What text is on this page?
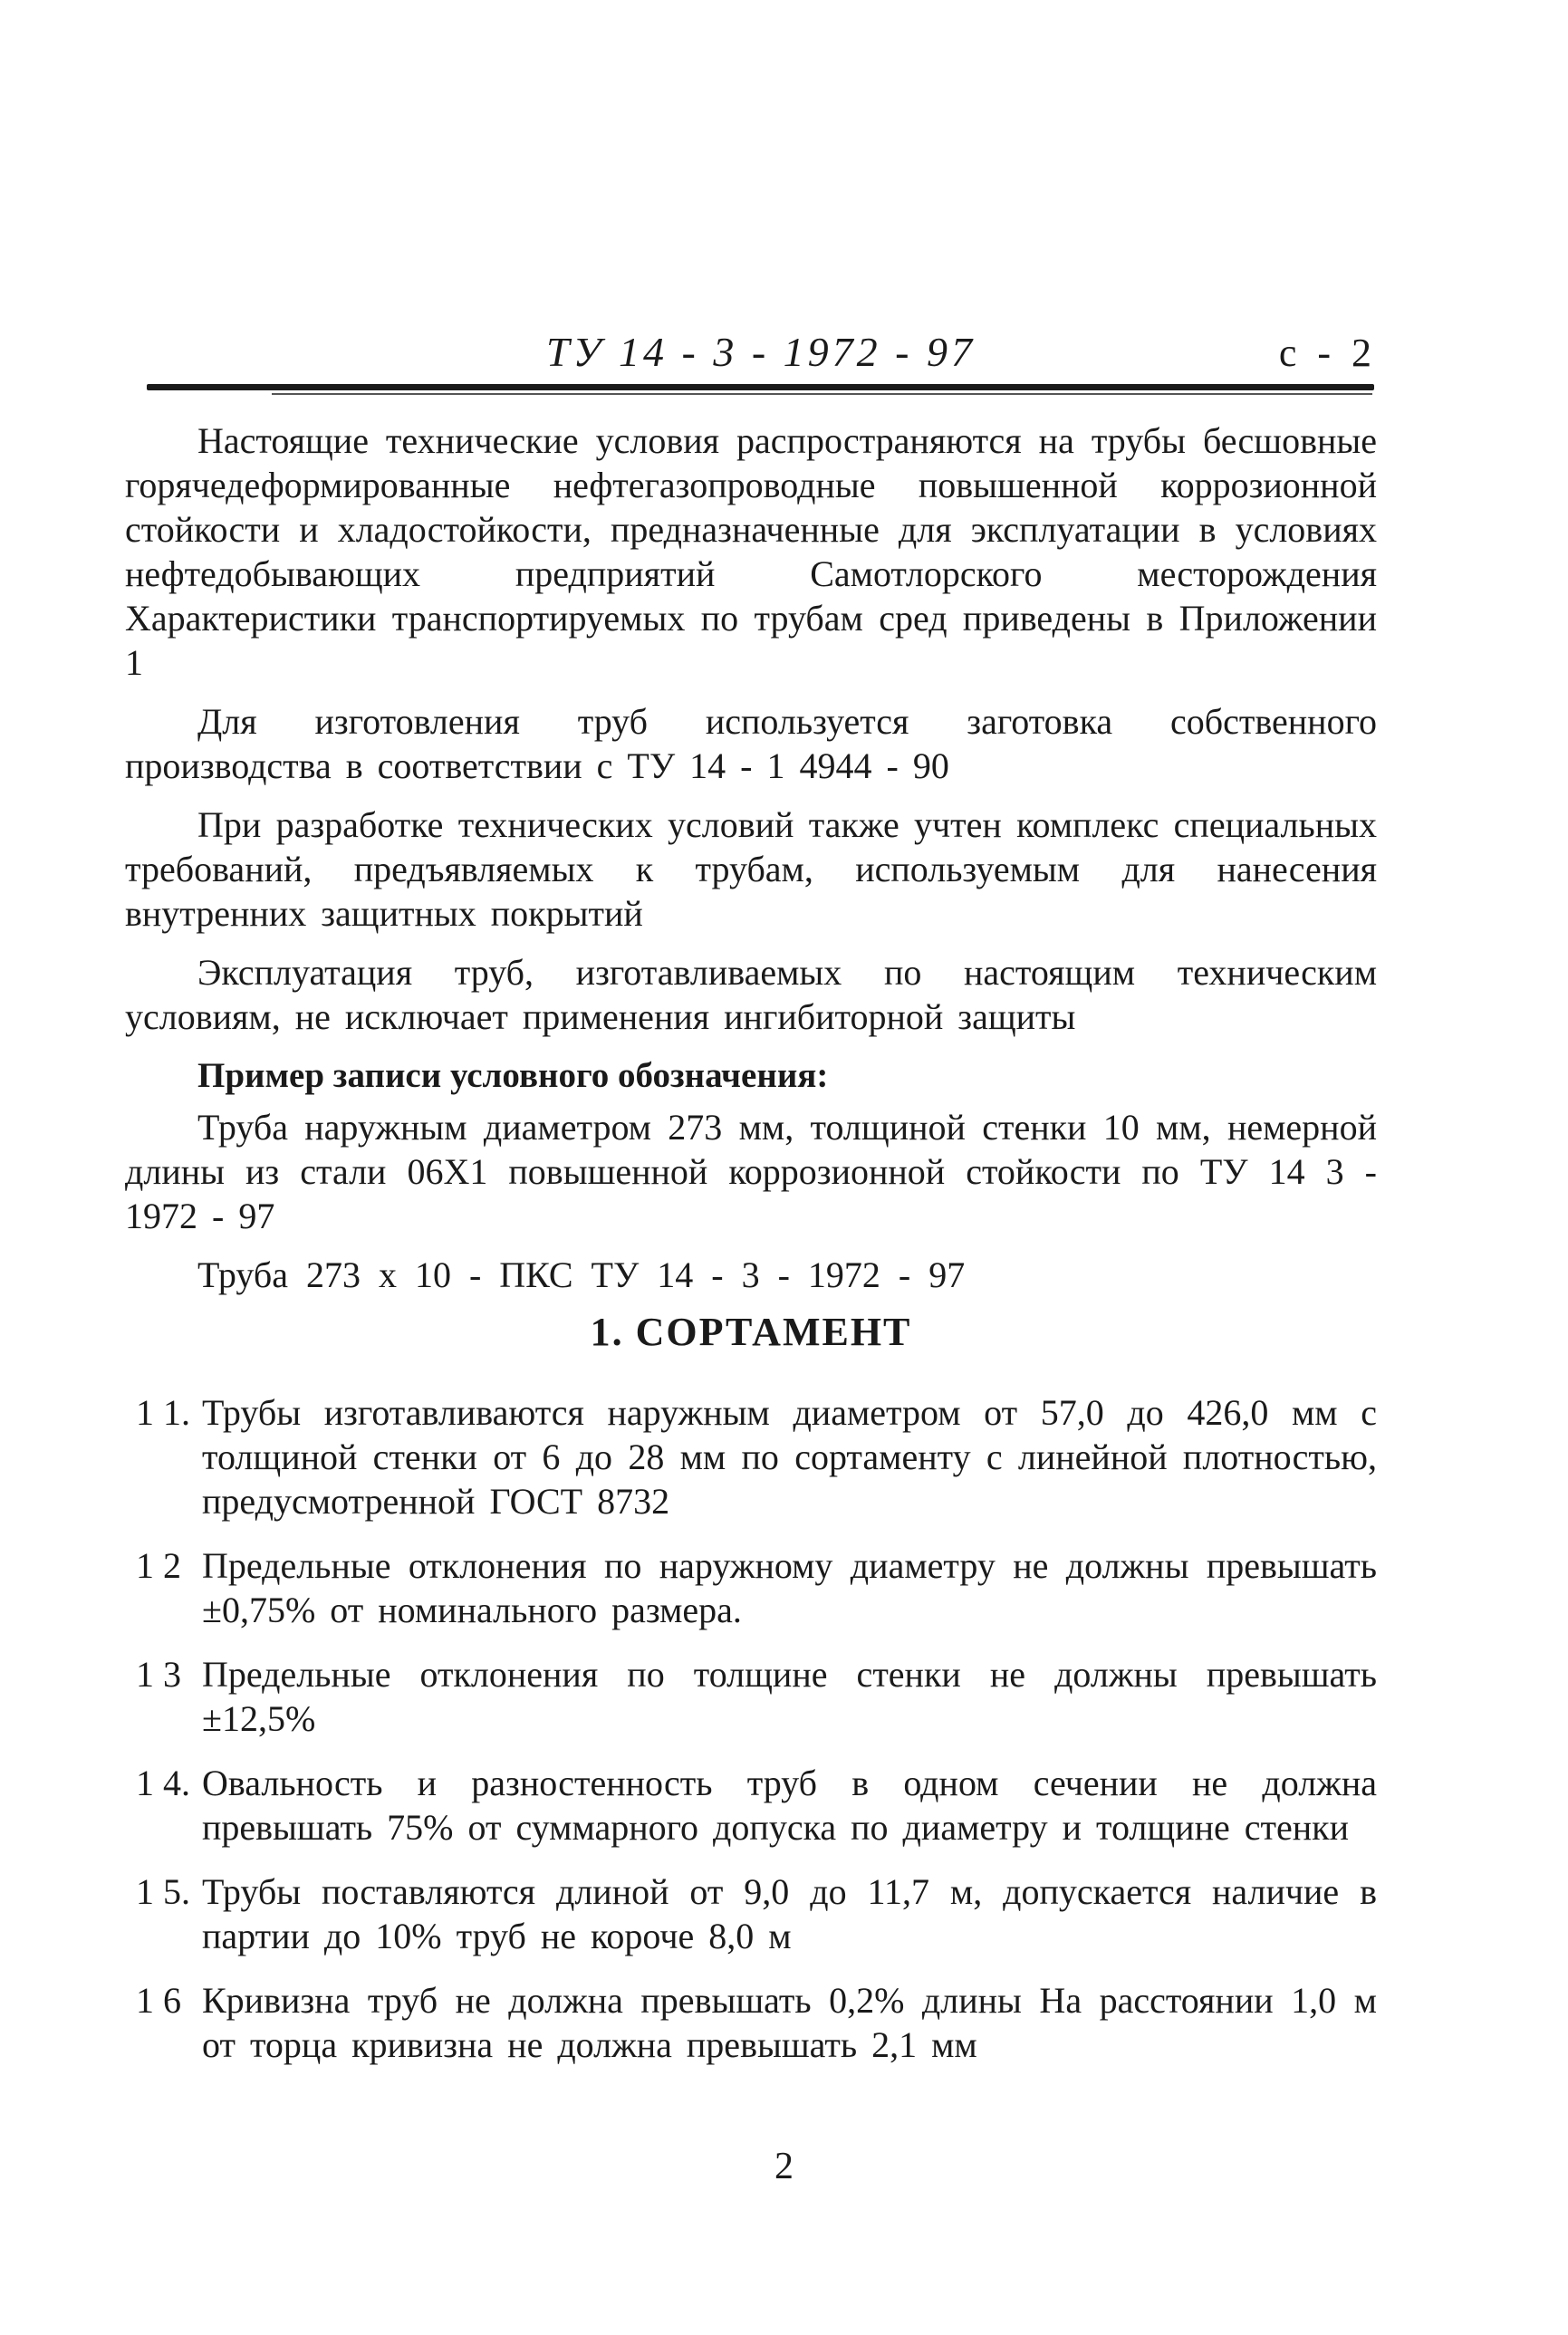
ТУ 14 - 3 - 1972 - 97	с - 2

Настоящие технические условия распространяются на трубы бесшовные горячедеформированные нефтегазопроводные повышенной коррозионной стойкости и хладостойкости, предназначенные для эксплуатации в условиях нефтедобывающих предприятий Самотлорского месторождения Характеристики транспортируемых по трубам сред приведены в Приложении 1

Для изготовления труб используется заготовка собственного производства в соответствии с ТУ 14 - 1 4944 - 90

При разработке технических условий также учтен комплекс специальных требований, предъявляемых к трубам, используемым для нанесения внутренних защитных покрытий

Эксплуатация труб, изготавливаемых по настоящим техническим условиям, не исключает применения ингибиторной защиты

Пример записи условного обозначения:

Труба наружным диаметром 273 мм, толщиной стенки 10 мм, немерной длины из стали 06Х1 повышенной коррозионной стойкости по ТУ 14 3 - 1972 - 97

Труба 273 х 10 - ПКС ТУ 14 - 3 - 1972 - 97
1. СОРТАМЕНТ
1 1. Трубы изготавливаются наружным диаметром от 57,0 до 426,0 мм с толщиной стенки от 6 до 28 мм по сортаменту с линейной плотностью, предусмотренной ГОСТ 8732
1 2 Предельные отклонения по наружному диаметру не должны превышать ±0,75% от номинального размера.
1 3 Предельные отклонения по толщине стенки не должны превышать ±12,5%
1 4. Овальность и разностенность труб в одном сечении не должна превышать 75% от суммарного допуска по диаметру и толщине стенки
1 5. Трубы поставляются длиной от 9,0 до 11,7 м, допускается наличие в партии до 10% труб не короче 8,0 м
1 6 Кривизна труб не должна превышать 0,2% длины На расстоянии 1,0 м от торца кривизна не должна превышать 2,1 мм
2
